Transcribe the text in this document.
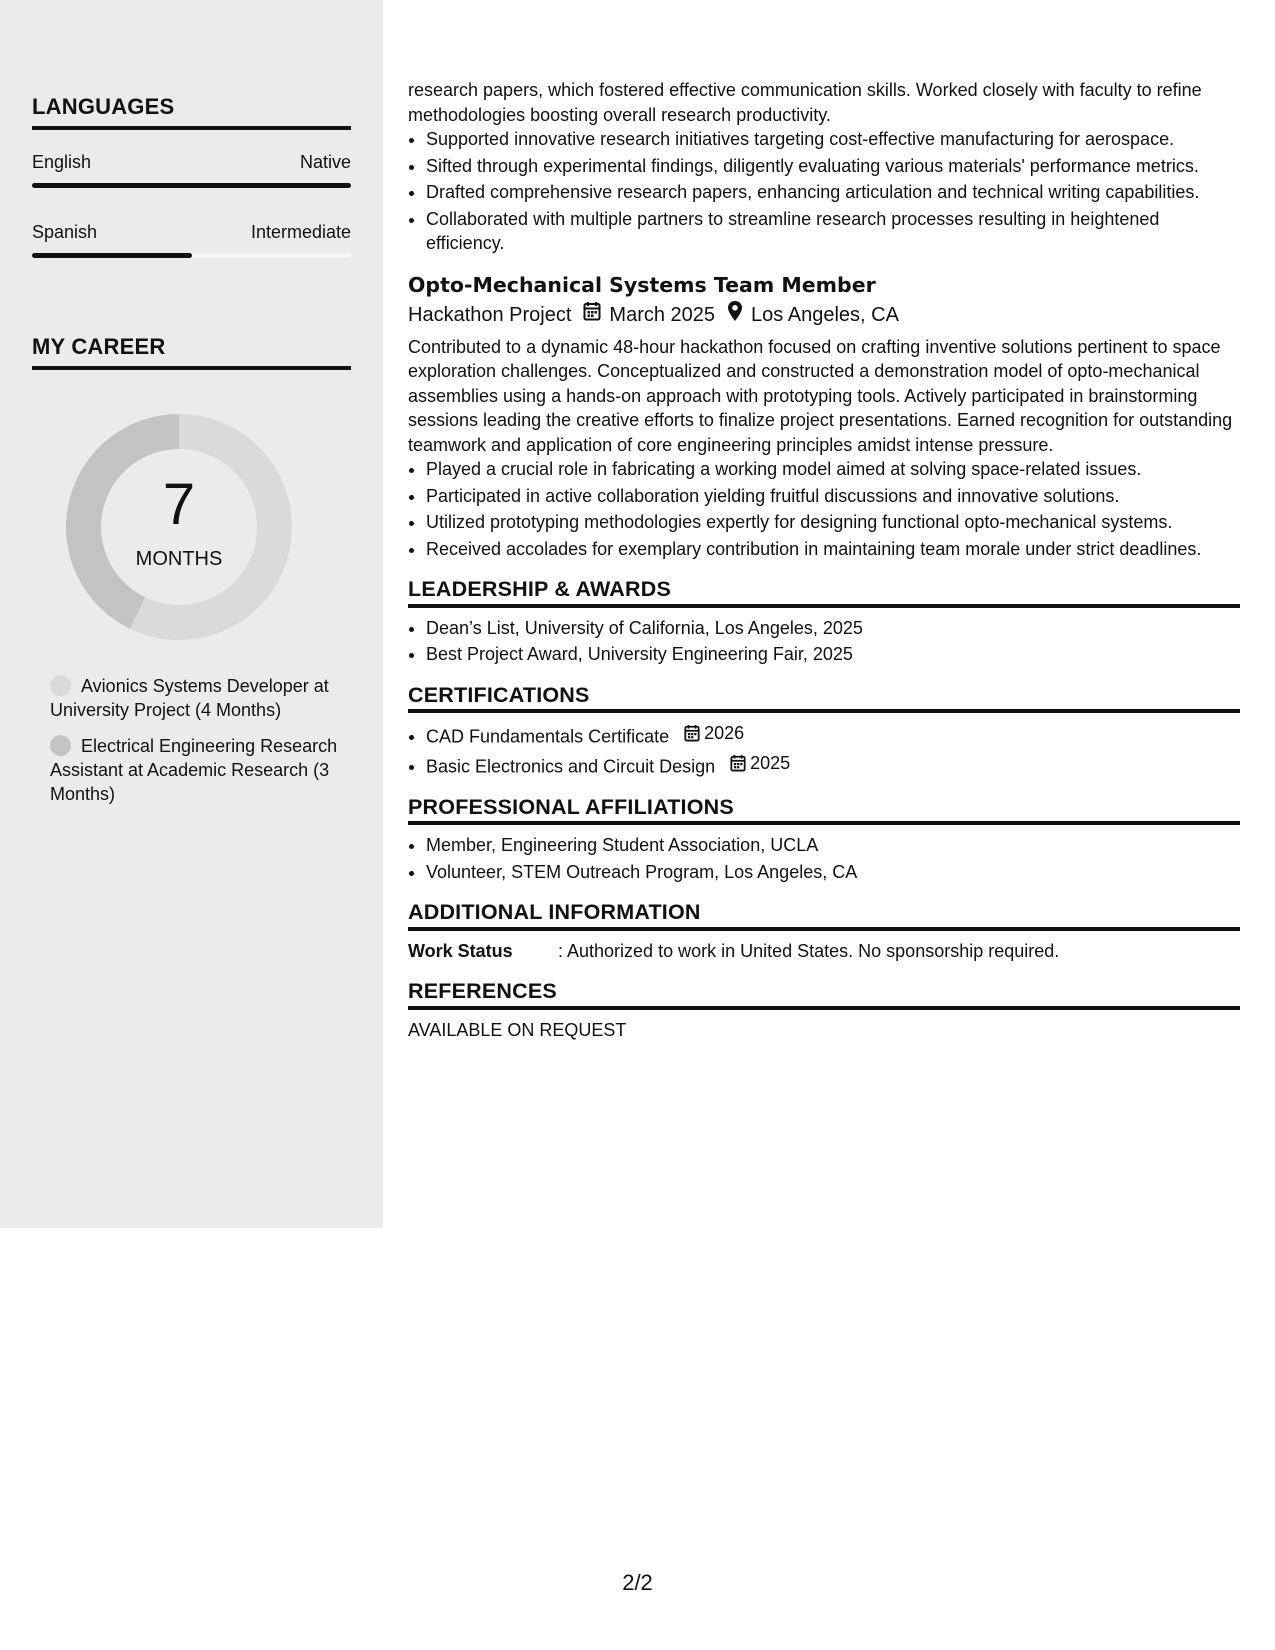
LANGUAGES
English	Native
Spanish	Intermediate
MY CAREER
7
MONTHS
Avionics Systems Developer at University Project (4 Months)
Electrical Engineering Research Assistant at Academic Research (3 Months)

research papers, which fostered effective communication skills. Worked closely with faculty to refine methodologies boosting overall research productivity.

• Supported innovative research initiatives targeting cost-effective manufacturing for aerospace.
• Sifted through experimental findings, diligently evaluating various materials' performance metrics.
• Drafted comprehensive research papers, enhancing articulation and technical writing capabilities.
• Collaborated with multiple partners to streamline research processes resulting in heightened efficiency.
Opto-Mechanical Systems Team Member
Hackathon Project March 2025 Los Angeles, CA

Contributed to a dynamic 48-hour hackathon focused on crafting inventive solutions pertinent to space exploration challenges. Conceptualized and constructed a demonstration model of opto-mechanical assemblies using a hands-on approach with prototyping tools. Actively participated in brainstorming sessions leading the creative efforts to finalize project presentations. Earned recognition for outstanding teamwork and application of core engineering principles amidst intense pressure.

• Played a crucial role in fabricating a working model aimed at solving space-related issues.
• Participated in active collaboration yielding fruitful discussions and innovative solutions.
• Utilized prototyping methodologies expertly for designing functional opto-mechanical systems.
• Received accolades for exemplary contribution in maintaining team morale under strict deadlines.
LEADERSHIP & AWARDS
• Dean’s List, University of California, Los Angeles, 2025
• Best Project Award, University Engineering Fair, 2025
CERTIFICATIONS
• CAD Fundamentals Certificate 2026
• Basic Electronics and Circuit Design 2025
PROFESSIONAL AFFILIATIONS
• Member, Engineering Student Association, UCLA
• Volunteer, STEM Outreach Program, Los Angeles, CA
ADDITIONAL INFORMATION
Work Status	: Authorized to work in United States. No sponsorship required.
REFERENCES

AVAILABLE ON REQUEST

2/2
